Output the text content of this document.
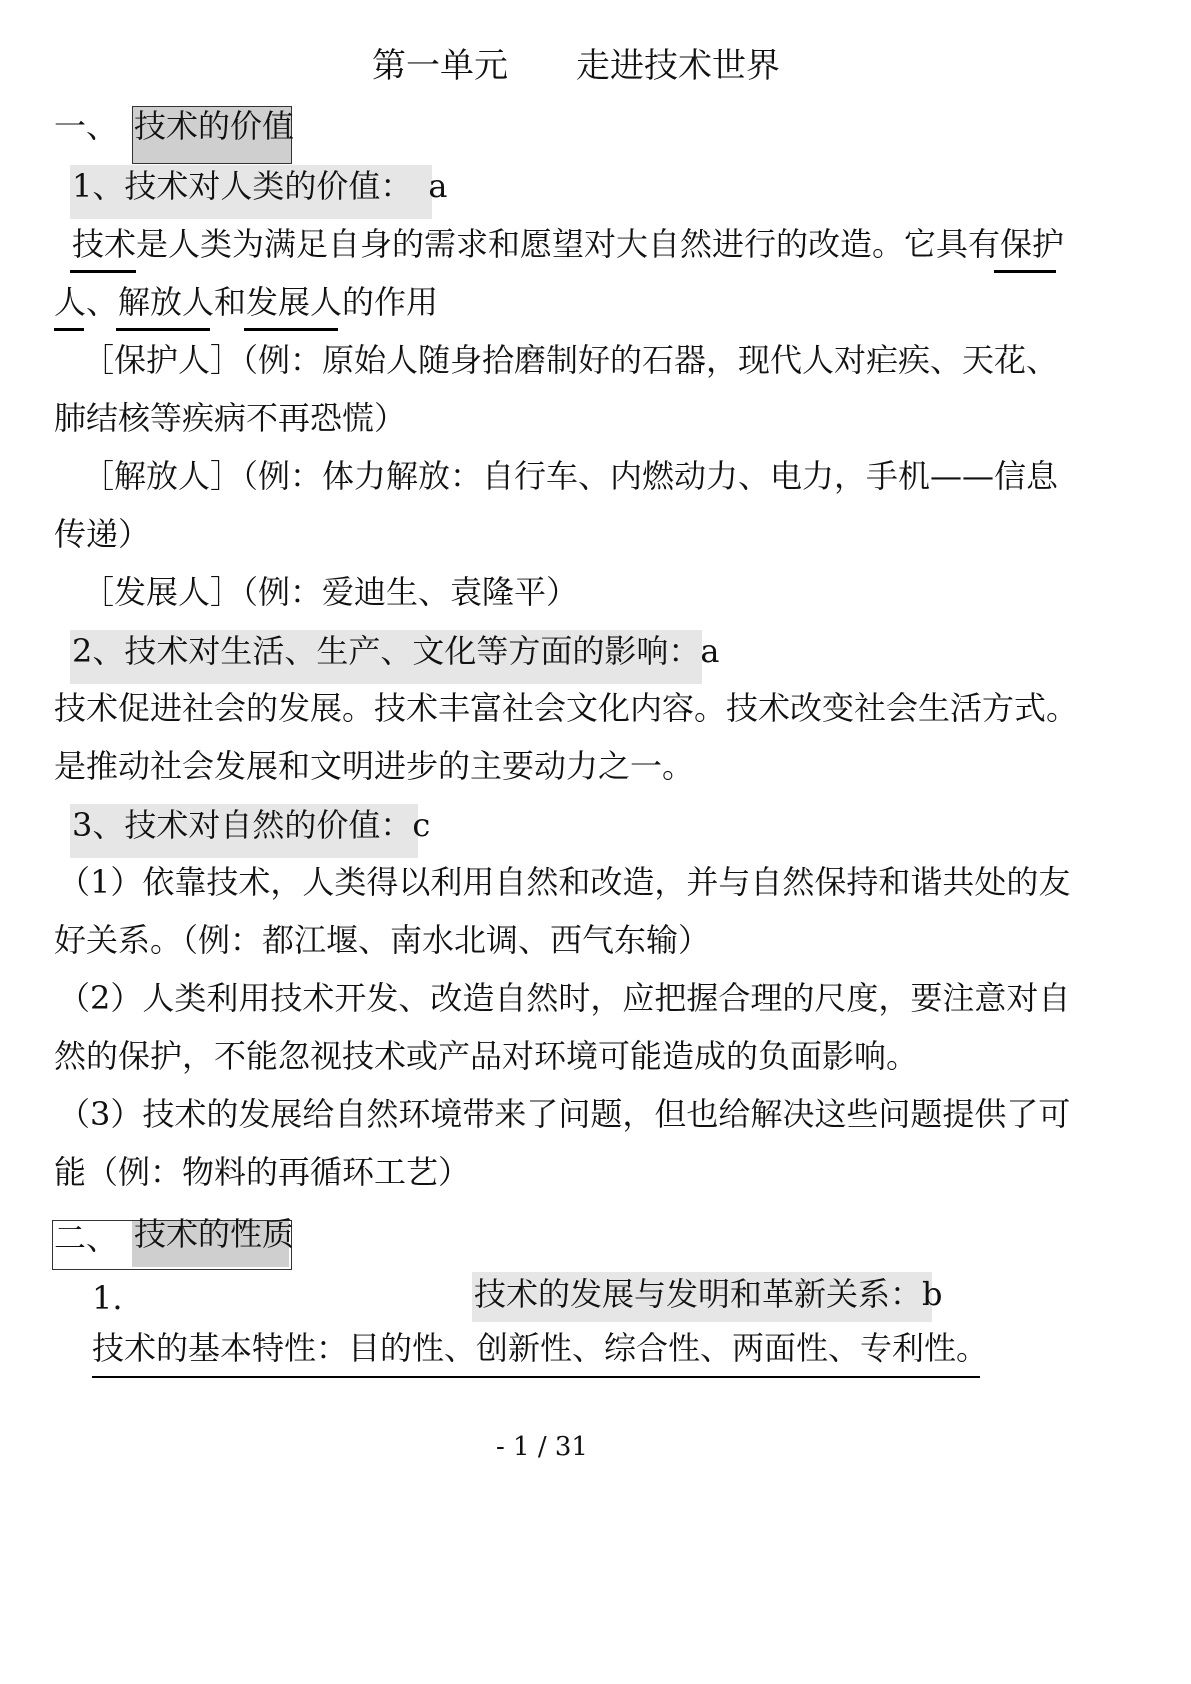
第一单元　　走进技术世界
一、 技术的价值
1、技术对人类的价值：　a
技术是人类为满足自身的需求和愿望对大自然进行的改造。它具有保护
人、解放人和发展人的作用
［保护人］（例：原始人随身拾磨制好的石器，现代人对疟疾、天花、
肺结核等疾病不再恐慌）
［解放人］（例：体力解放：自行车、内燃动力、电力，手机——信息
传递）
［发展人］（例：爱迪生、袁隆平）
2、技术对生活、生产、文化等方面的影响：a
技术促进社会的发展。技术丰富社会文化内容。技术改变社会生活方式。
是推动社会发展和文明进步的主要动力之一。
3、技术对自然的价值：c
（1）依靠技术，人类得以利用自然和改造，并与自然保持和谐共处的友
好关系。（例：都江堰、南水北调、西气东输）
（2）人类利用技术开发、改造自然时，应把握合理的尺度，要注意对自
然的保护，不能忽视技术或产品对环境可能造成的负面影响。
（3）技术的发展给自然环境带来了问题，但也给解决这些问题提供了可
能（例：物料的再循环工艺）
二、 技术的性质
1.	技术的发展与发明和革新关系：b
技术的基本特性：目的性、创新性、综合性、两面性、专利性。
- 1 / 31
